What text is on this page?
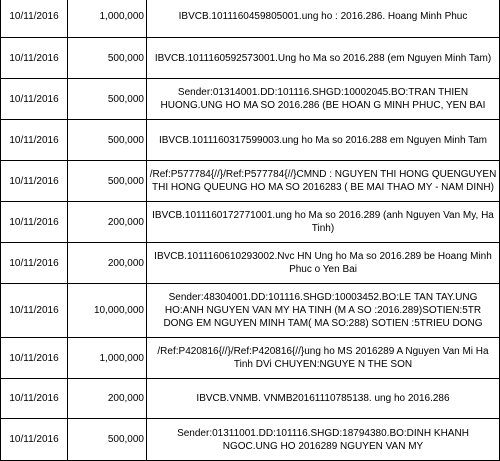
10/11/2016	1,000,000	IBVCB.1011160459805001.ung ho : 2016.286. Hoang Minh Phuc
10/11/2016	500,000	IBVCB.1011160592573001.Ung ho Ma so 2016.288 (em Nguyen Minh Tam)
10/11/2016	500,000	Sender:01314001.DD:101116.SHGD:10002045.BO:TRAN THIEN HUONG.UNG HO MA SO 2016.286 (BE HOAN G MINH PHUC, YEN BAI
10/11/2016	500,000	IBVCB.1011160317599003.ung ho Ma so 2016.288 em Nguyen Minh Tam
10/11/2016	500,000	/Ref:P577784{//}/Ref:P577784{//}CMND : NGUYEN THI HONG QUENGUYEN THI HONG QUEUNG HO MA SO 2016283 ( BE MAI THAO MY - NAM DINH)
10/11/2016	200,000	IBVCB.1011160172771001.ung ho Ma so 2016.289 (anh Nguyen Van My, Ha Tinh)
10/11/2016	200,000	IBVCB.1011160610293002.Nvc HN Ung ho Ma so 2016.289 be Hoang Minh Phuc o Yen Bai
10/11/2016	10,000,000	Sender:48304001.DD:101116.SHGD:10003452.BO:LE TAN TAY.UNG HO:ANH NGUYEN VAN MY HA TINH (M A SO :2016.289)SOTIEN:5TR DONG EM NGUYEN MINH TAM( MA SO:288) SOTIEN :5TRIEU DONG
10/11/2016	1,000,000	/Ref:P420816{//}/Ref:P420816{//}ung ho MS 2016289 A Nguyen Van Mi Ha Tinh DVi CHUYEN:NGUYE N THE SON
10/11/2016	200,000	IBVCB.VNMB. VNMB20161110785138. ung ho 2016.286
10/11/2016	500,000	Sender:01311001.DD:101116.SHGD:18794380.BO:DINH KHANH NGOC.UNG HO 2016289 NGUYEN VAN MY
